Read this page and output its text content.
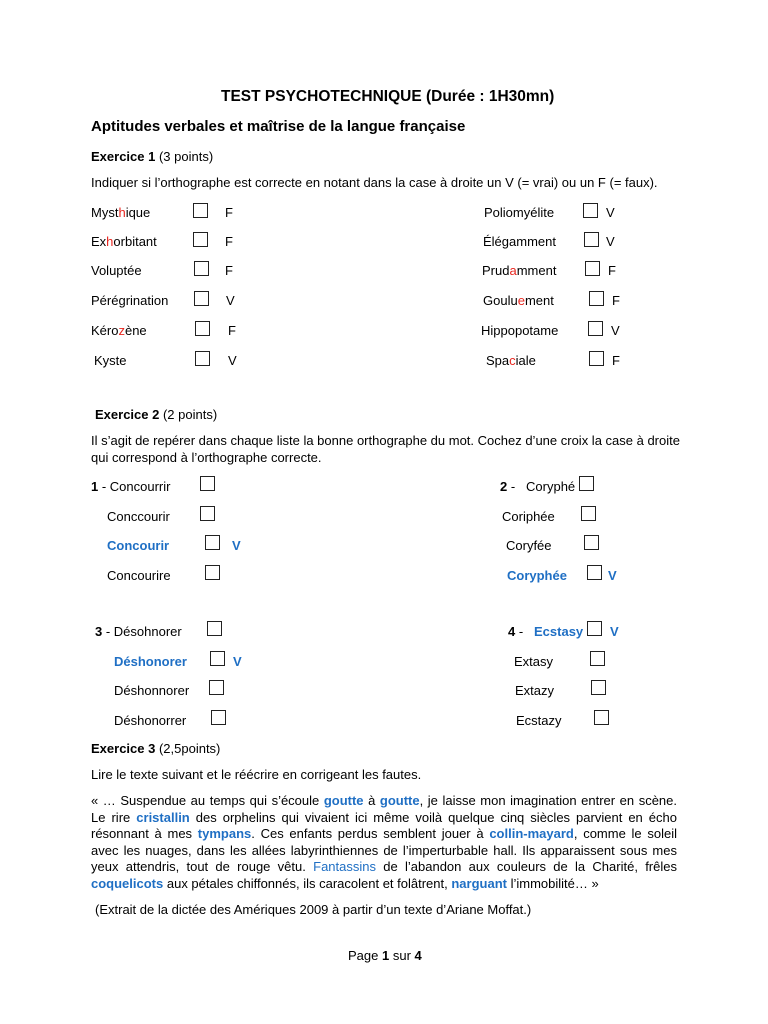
TEST PSYCHOTECHNIQUE (Durée : 1H30mn)
Aptitudes verbales et maîtrise de la langue française
Exercice 1 (3 points)
Indiquer si l’orthographe est correcte en notant dans la case à droite un V (= vrai) ou un F (= faux).
Mysthique	F
Exhorbitant	F
Voluptée	F
Pérégrination	V
Kérozène	F
Kyste	V
Poliomyélite	V
Élégamment	V
Prudamment	F
Gouluement	F
Hippopotame	V
Spaciale	F
Exercice 2 (2 points)
Il s’agit de repérer dans chaque liste la bonne orthographe du mot. Cochez d’une croix la case à droite
qui correspond à l’orthographe correcte.
1 - Concourrir
Conccourir
Concourir	V
Concourire
2 -   Coryphé
Coriphée
Coryfée
Coryphée	V
3 - Désohnorer
Déshonorer	V
Déshonnorer
Déshonorrer
4 -   Ecstasy V
Extasy
Extazy
Ecstazy
Exercice 3 (2,5points)
Lire le texte suivant et le réécrire en corrigeant les fautes.
« … Suspendue au temps qui s’écoule goutte à goutte, je laisse mon imagination entrer en scène. Le rire cristallin des orphelins qui vivaient ici même voilà quelque cinq siècles parvient en écho résonnant à mes tympans. Ces enfants perdus semblent jouer à collin-mayard, comme le soleil avec les nuages, dans les allées labyrinthiennes de l’imperturbable hall. Ils apparaissent sous mes yeux attendris, tout de rouge vêtu. Fantassins de l’abandon aux couleurs de la Charité, frêles coquelicots aux pétales chiffonnés, ils caracolent et folâtrent, narguant l’immobilité… »
(Extrait de la dictée des Amériques 2009 à partir d’un texte d’Ariane Moffat.)
Page 1 sur 4
